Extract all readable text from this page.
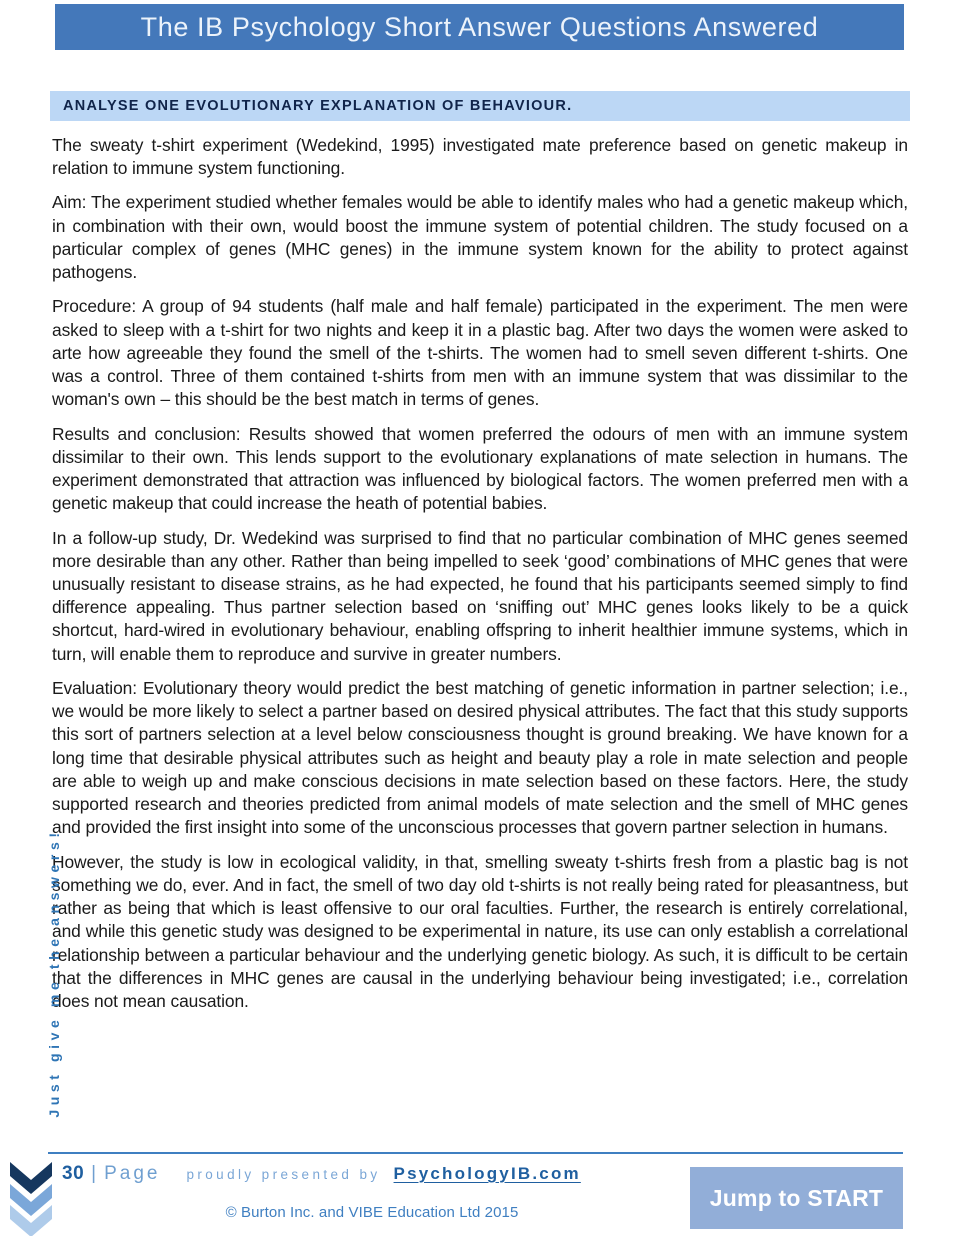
The IB Psychology Short Answer Questions Answered
ANALYSE ONE EVOLUTIONARY EXPLANATION OF BEHAVIOUR.

The sweaty t-shirt experiment (Wedekind, 1995) investigated mate preference based on genetic makeup in relation to immune system functioning.

Aim: The experiment studied whether females would be able to identify males who had a genetic makeup which, in combination with their own, would boost the immune system of potential children. The study focused on a particular complex of genes (MHC genes) in the immune system known for the ability to protect against pathogens.

Procedure: A group of 94 students (half male and half female) participated in the experiment. The men were asked to sleep with a t-shirt for two nights and keep it in a plastic bag. After two days the women were asked to arte how agreeable they found the smell of the t-shirts. The women had to smell seven different t-shirts. One was a control. Three of them contained t-shirts from men with an immune system that was dissimilar to the woman's own – this should be the best match in terms of genes.

Results and conclusion: Results showed that women preferred the odours of men with an immune system dissimilar to their own. This lends support to the evolutionary explanations of mate selection in humans. The experiment demonstrated that attraction was influenced by biological factors. The women preferred men with a genetic makeup that could increase the heath of potential babies.

In a follow-up study, Dr. Wedekind was surprised to find that no particular combination of MHC genes seemed more desirable than any other. Rather than being impelled to seek ‘good’ combinations of MHC genes that were unusually resistant to disease strains, as he had expected, he found that his participants seemed simply to find difference appealing. Thus partner selection based on ‘sniffing out’ MHC genes looks likely to be a quick shortcut, hard-wired in evolutionary behaviour, enabling offspring to inherit healthier immune systems, which in turn, will enable them to reproduce and survive in greater numbers.

Evaluation: Evolutionary theory would predict the best matching of genetic information in partner selection; i.e., we would be more likely to select a partner based on desired physical attributes. The fact that this study supports this sort of partners selection at a level below consciousness thought is ground breaking. We have known for a long time that desirable physical attributes such as height and beauty play a role in mate selection and people are able to weigh up and make conscious decisions in mate selection based on these factors. Here, the study supported research and theories predicted from animal models of mate selection and the smell of MHC genes and provided the first insight into some of the unconscious processes that govern partner selection in humans.

However, the study is low in ecological validity, in that, smelling sweaty t-shirts fresh from a plastic bag is not something we do, ever. And in fact, the smell of two day old t-shirts is not really being rated for pleasantness, but rather as being that which is least offensive to our oral faculties. Further, the research is entirely correlational, and while this genetic study was designed to be experimental in nature, its use can only establish a correlational relationship between a particular behaviour and the underlying genetic biology. As such, it is difficult to be certain that the differences in MHC genes are causal in the underlying behaviour being investigated; i.e., correlation does not mean causation.

Just give me the answers!
30 | Page proudly presented by PsychologyIB.com
© Burton Inc. and VIBE Education Ltd 2015
Jump to START
